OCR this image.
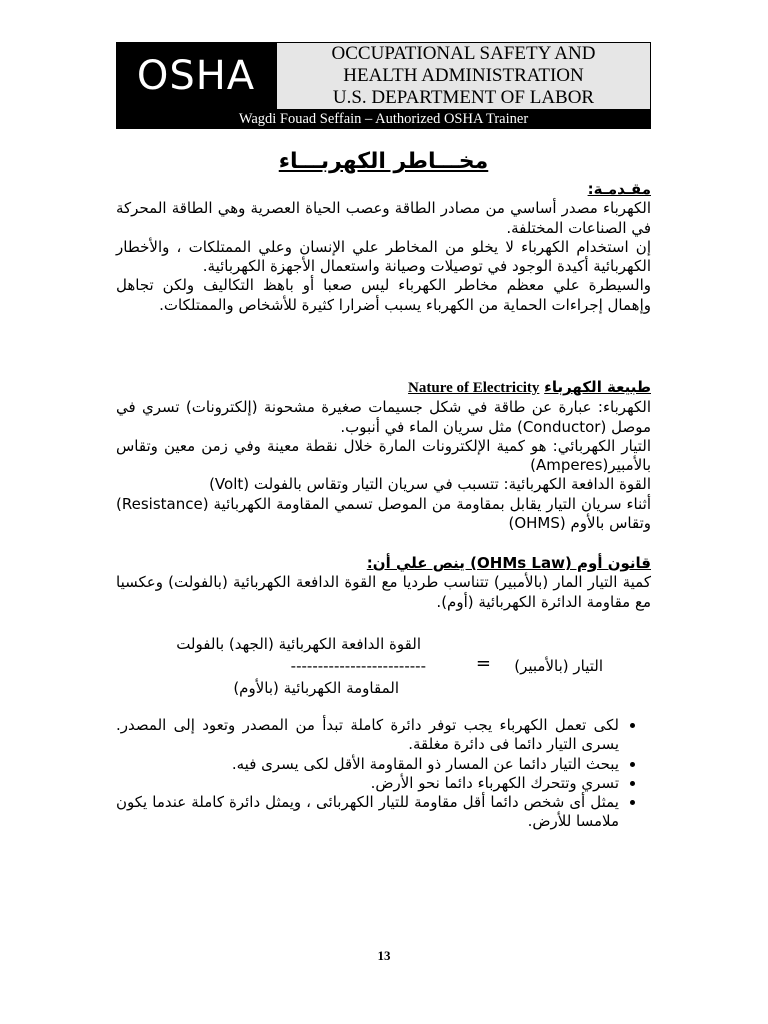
OSHA	OCCUPATIONAL SAFETY AND
HEALTH ADMINISTRATION
U.S. DEPARTMENT OF LABOR
Wagdi Fouad Seffain – Authorized OSHA Trainer
مخـــاطر الكهربـــاء

مقـدمـة:

الكهرباء مصدر أساسي من مصادر الطاقة وعصب الحياة العصرية وهي الطاقة المحركة في الصناعات المختلفة.

إن استخدام الكهرباء لا يخلو من المخاطر علي الإنسان وعلي الممتلكات ، والأخطار الكهربائية أكيدة الوجود في توصيلات وصيانة واستعمال الأجهزة الكهربائية.

والسيطرة علي معظم مخاطر الكهرباء ليس صعبا أو باهظ التكاليف ولكن تجاهل وإهمال إجراءات الحماية من الكهرباء يسبب أضرارا كثيرة للأشخاص والممتلكات.

طبيعة الكهرباء Nature of Electricity

الكهرباء: عبارة عن طاقة في شكل جسيمات صغيرة مشحونة (إلكترونات) تسري في موصل (Conductor) مثل سريان الماء في أنبوب.

التيار الكهربائي: هو كمية الإلكترونات المارة خلال نقطة معينة وفي زمن معين وتقاس بالأمبير(Amperes)

القوة الدافعة الكهربائية: تتسبب في سريان التيار وتقاس بالفولت (Volt)

أثناء سريان التيار يقابل بمقاومة من الموصل تسمي المقاومة الكهربائية (Resistance) وتقاس بالأوم (OHMS)

قانون أوم (OHMs Law) ينص علي أن:

كمية التيار المار (بالأمبير) تتناسب طرديا مع القوة الدافعة الكهربائية (بالفولت) وعكسيا مع مقاومة الدائرة الكهربائية (أوم).

التيار (بالأمبير)
=
القوة الدافعة الكهربائية (الجهد) بالفولت
-------------------------
المقاومة الكهربائية (بالأوم)
• لكى تعمل الكهرباء يجب توفر دائرة كاملة تبدأ من المصدر وتعود إلى المصدر. يسرى التيار دائما فى دائرة مغلقة.
• يبحث التيار دائما عن المسار ذو المقاومة الأقل لكى يسرى فيه.
• تسري وتتحرك الكهرباء دائما نحو الأرض.
• يمثل أى شخص دائما أقل مقاومة للتيار الكهربائى ، ويمثل دائرة كاملة عندما يكون ملامسا للأرض.
13
